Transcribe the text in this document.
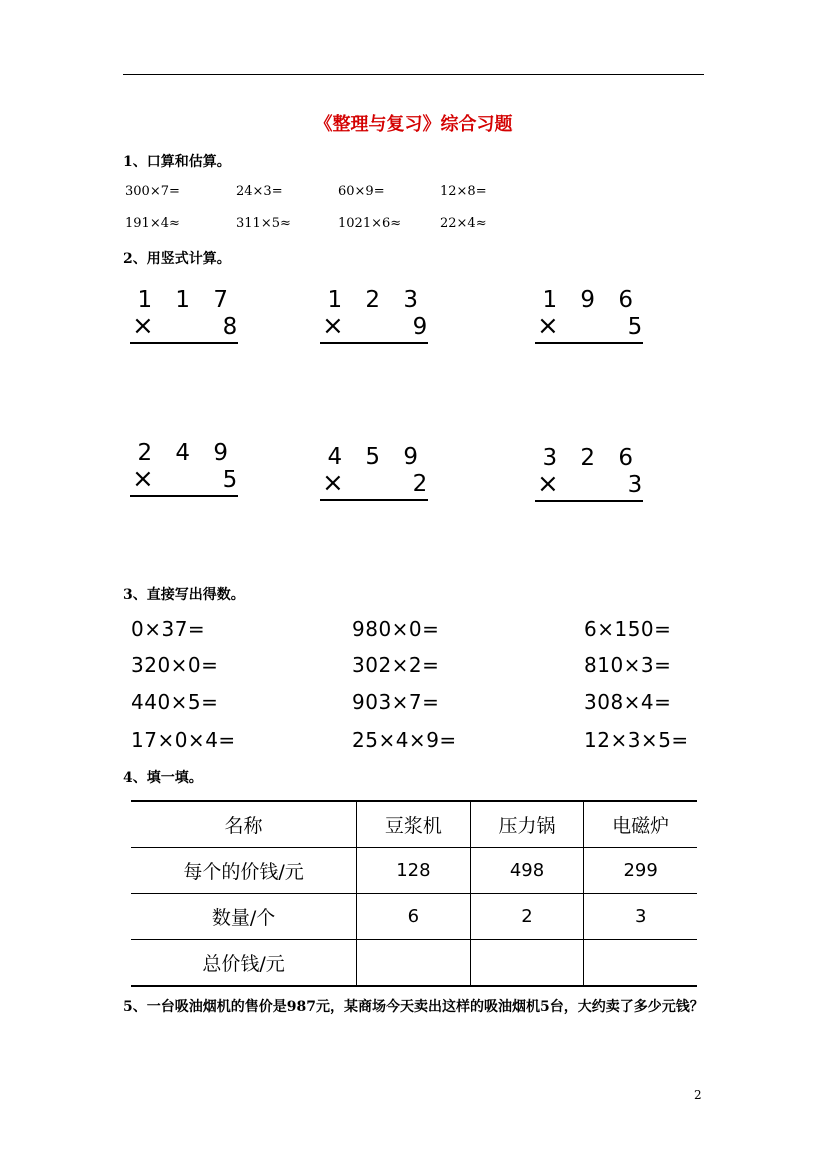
《整理与复习》综合习题
1、口算和估算。
300×7=	24×3=	60×9=	12×8=
191×4≈	311×5≈	1021×6≈	22×4≈
2、用竖式计算。
1 1 7
×	8
1 2 3
×	9
1 9 6
×	5
2 4 9
×	5
4 5 9
×	2
3 2 6
×	3
3、直接写出得数。
0×37=	980×0=	6×150=
320×0=	302×2=	810×3=
440×5=	903×7=	308×4=
17×0×4=	25×4×9=	12×3×5=
4、填一填。
名称	豆浆机	压力锅	电磁炉
每个的价钱/元	128	498	299
数量/个	6	2	3
总价钱/元			
5、一台吸油烟机的售价是987元，某商场今天卖出这样的吸油烟机5台，大约卖了多少元钱？
2
